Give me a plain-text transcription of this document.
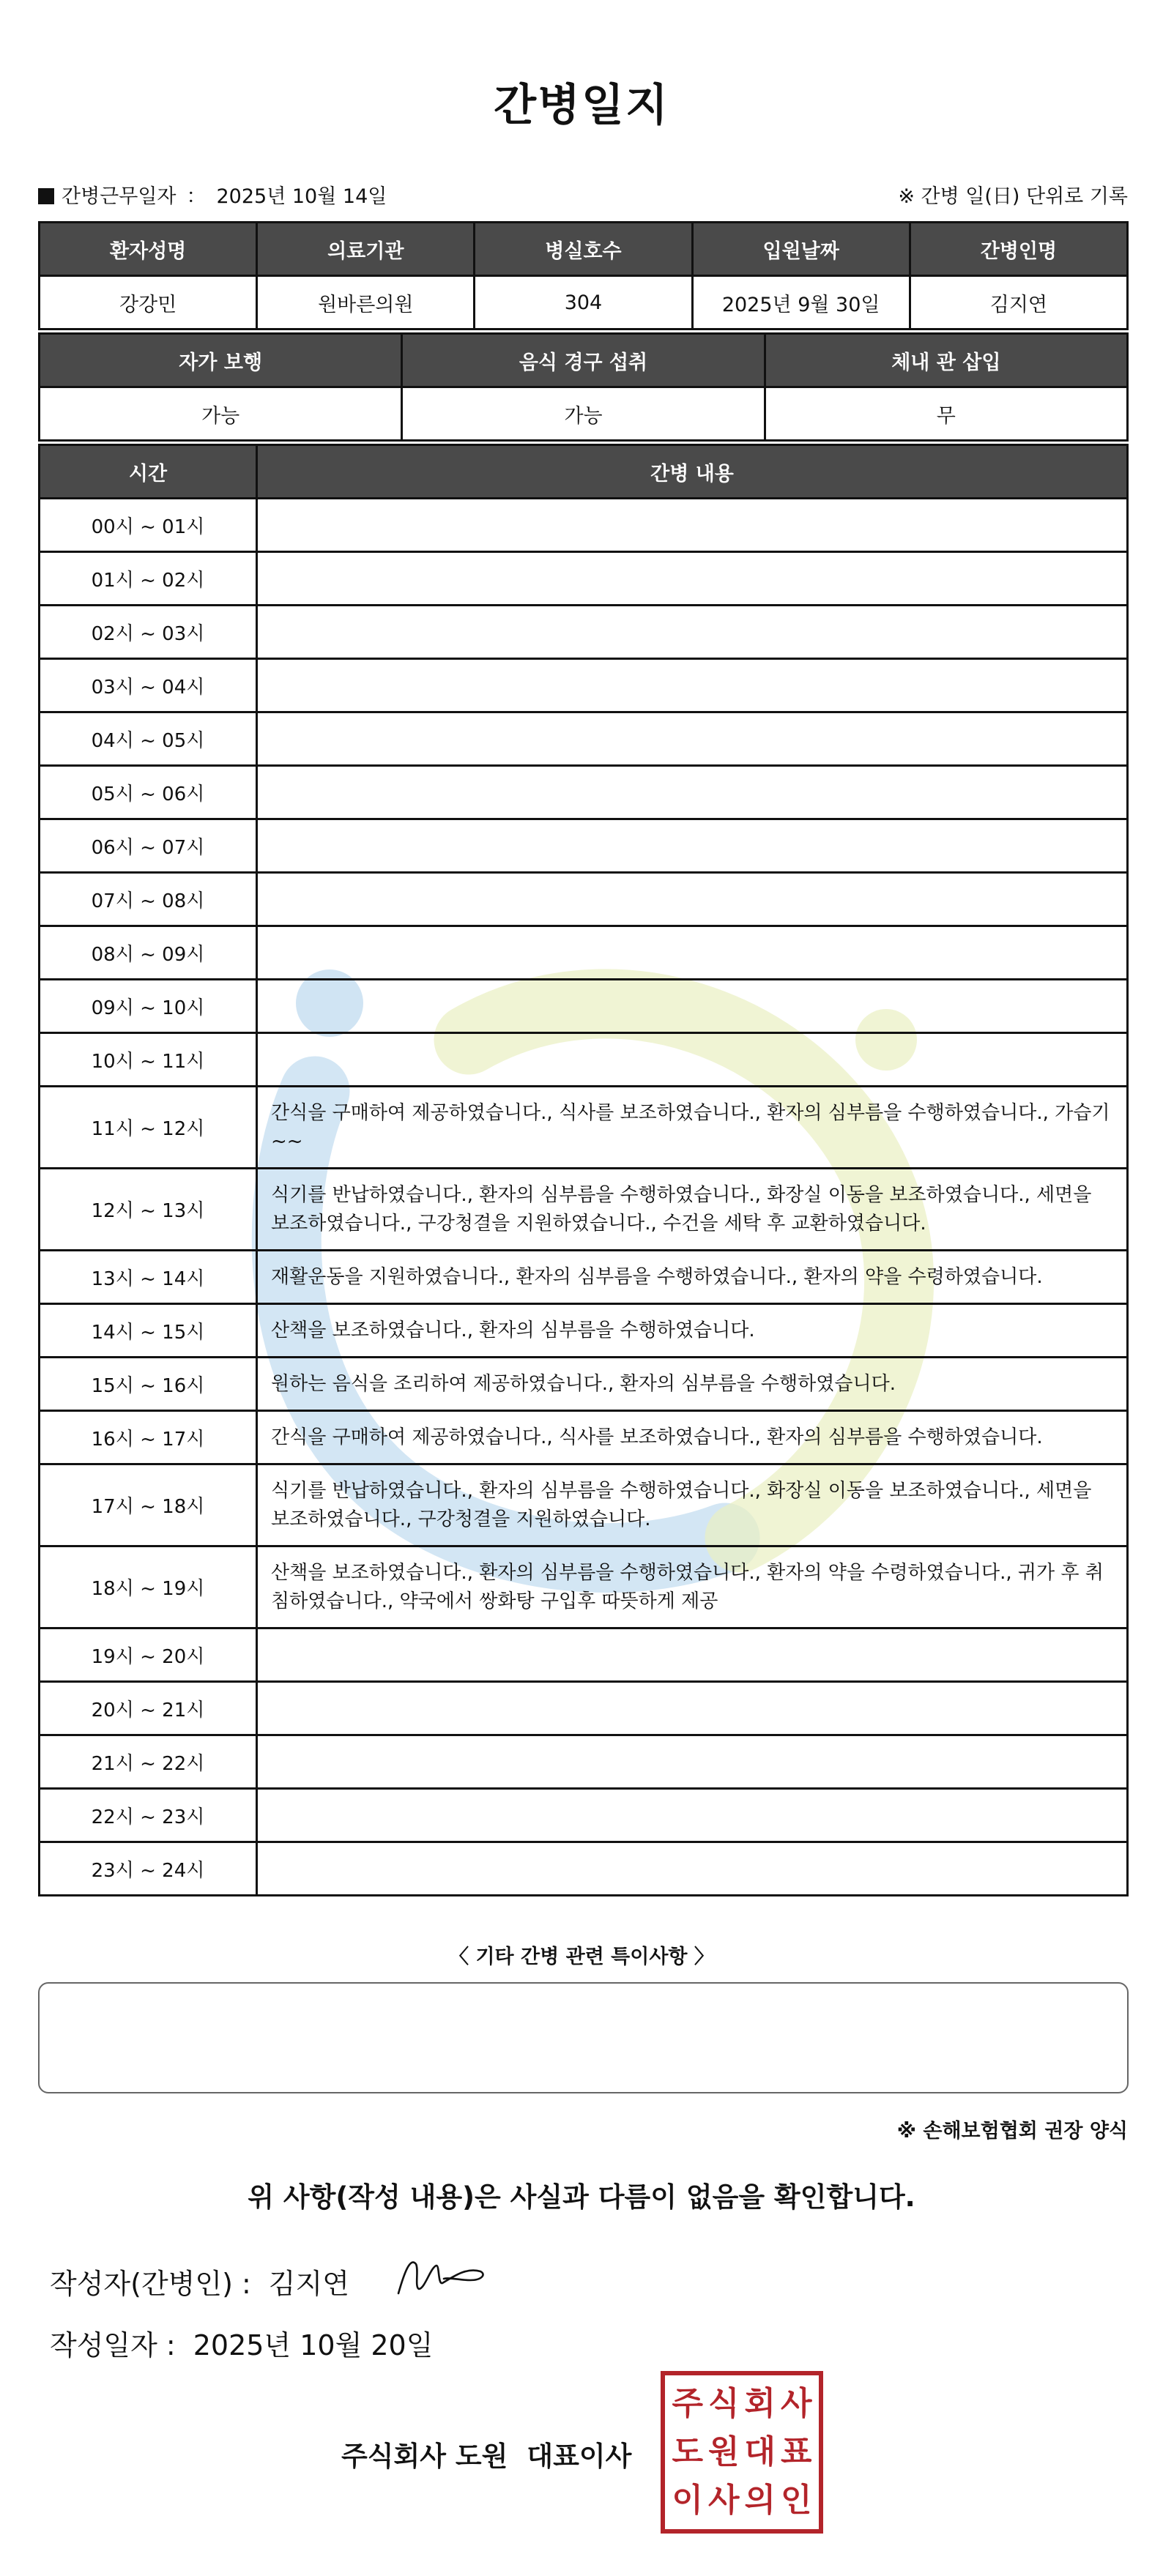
간병일지
간병근무일자 ： 2025년 10월 14일	※ 간병 일(日) 단위로 기록
환자성명	의료기관	병실호수	입원날짜	간병인명
강강민	원바른의원	304	2025년 9월 30일	김지연
자가 보행	음식 경구 섭취	체내 관 삽입
가능	가능	무
시간	간병 내용
00시 ~ 01시	
01시 ~ 02시	
02시 ~ 03시	
03시 ~ 04시	
04시 ~ 05시	
05시 ~ 06시	
06시 ~ 07시	
07시 ~ 08시	
08시 ~ 09시	
09시 ~ 10시	
10시 ~ 11시	
11시 ~ 12시	간식을 구매하여 제공하였습니다., 식사를 보조하였습니다., 환자의 심부름을 수행하였습니다., 가습기 ~~
12시 ~ 13시	식기를 반납하였습니다., 환자의 심부름을 수행하였습니다., 화장실 이동을 보조하였습니다., 세면을 보조하였습니다., 구강청결을 지원하였습니다., 수건을 세탁 후 교환하였습니다.
13시 ~ 14시	재활운동을 지원하였습니다., 환자의 심부름을 수행하였습니다., 환자의 약을 수령하였습니다.
14시 ~ 15시	산책을 보조하였습니다., 환자의 심부름을 수행하였습니다.
15시 ~ 16시	원하는 음식을 조리하여 제공하였습니다., 환자의 심부름을 수행하였습니다.
16시 ~ 17시	간식을 구매하여 제공하였습니다., 식사를 보조하였습니다., 환자의 심부름을 수행하였습니다.
17시 ~ 18시	식기를 반납하였습니다., 환자의 심부름을 수행하였습니다., 화장실 이동을 보조하였습니다., 세면을 보조하였습니다., 구강청결을 지원하였습니다.
18시 ~ 19시	산책을 보조하였습니다., 환자의 심부름을 수행하였습니다., 환자의 약을 수령하였습니다., 귀가 후 취침하였습니다., 약국에서 쌍화탕 구입후 따뜻하게 제공
19시 ~ 20시	
20시 ~ 21시	
21시 ~ 22시	
22시 ~ 23시	
23시 ~ 24시	
〈 기타 간병 관련 특이사항 〉
※ 손해보험협회 권장 양식
위 사항(작성 내용)은 사실과 다름이 없음을 확인합니다.
작성자(간병인) : 김지연
작성일자 : 2025년 10월 20일
주식회사 도원 대표이사
주 식 회 사
도 원 대 표
이 사 의 인
